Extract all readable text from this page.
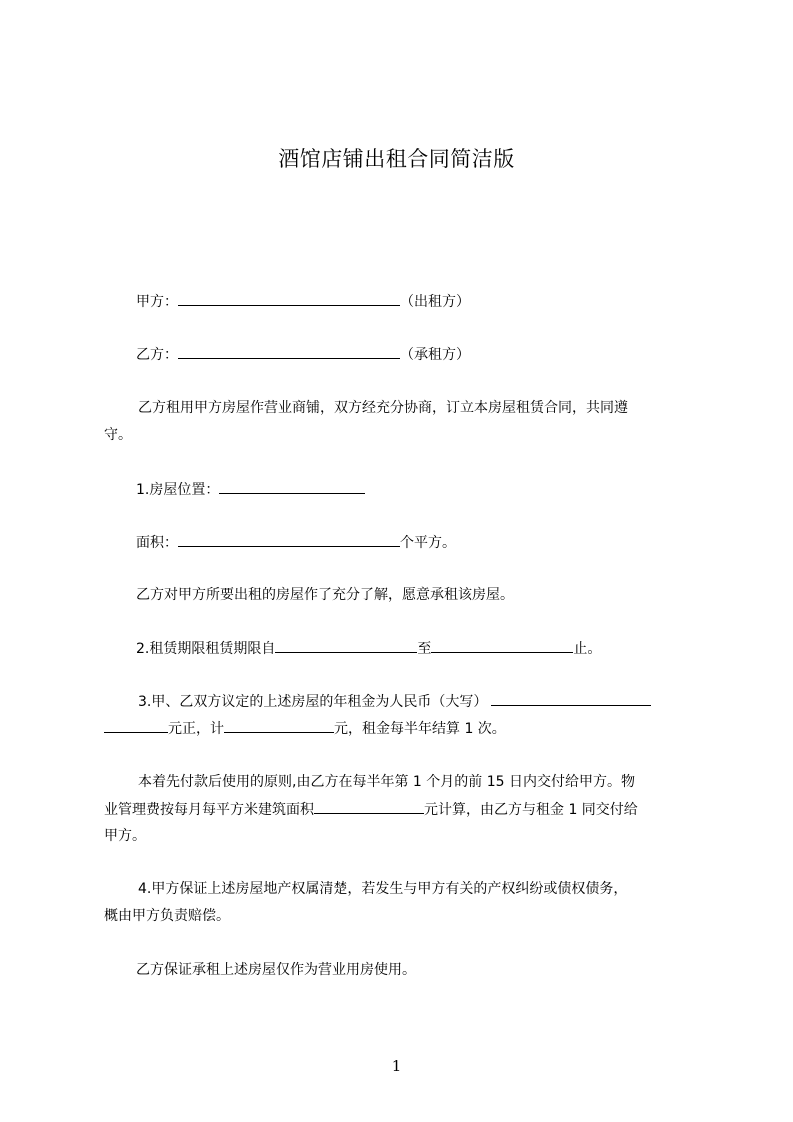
酒馆店铺出租合同简洁版
甲方：	（出租方）
乙方：	（承租方）
乙方租用甲方房屋作营业商铺，双方经充分协商，订立本房屋租赁合同，共同遵
守。
1.房屋位置：
面积：	个平方。
乙方对甲方所要出租的房屋作了充分了解，愿意承租该房屋。
2.租赁期限租赁期限自	至	止。
3.甲、乙双方议定的上述房屋的年租金为人民币（大写）
元正，计	元，租金每半年结算 1 次。
本着先付款后使用的原则,由乙方在每半年第 1 个月的前 15 日内交付给甲方。物
业管理费按每月每平方米建筑面积	元计算，由乙方与租金 1 同交付给
甲方。
4.甲方保证上述房屋地产权属清楚，若发生与甲方有关的产权纠纷或债权债务，
概由甲方负责赔偿。
乙方保证承租上述房屋仅作为营业用房使用。
1
